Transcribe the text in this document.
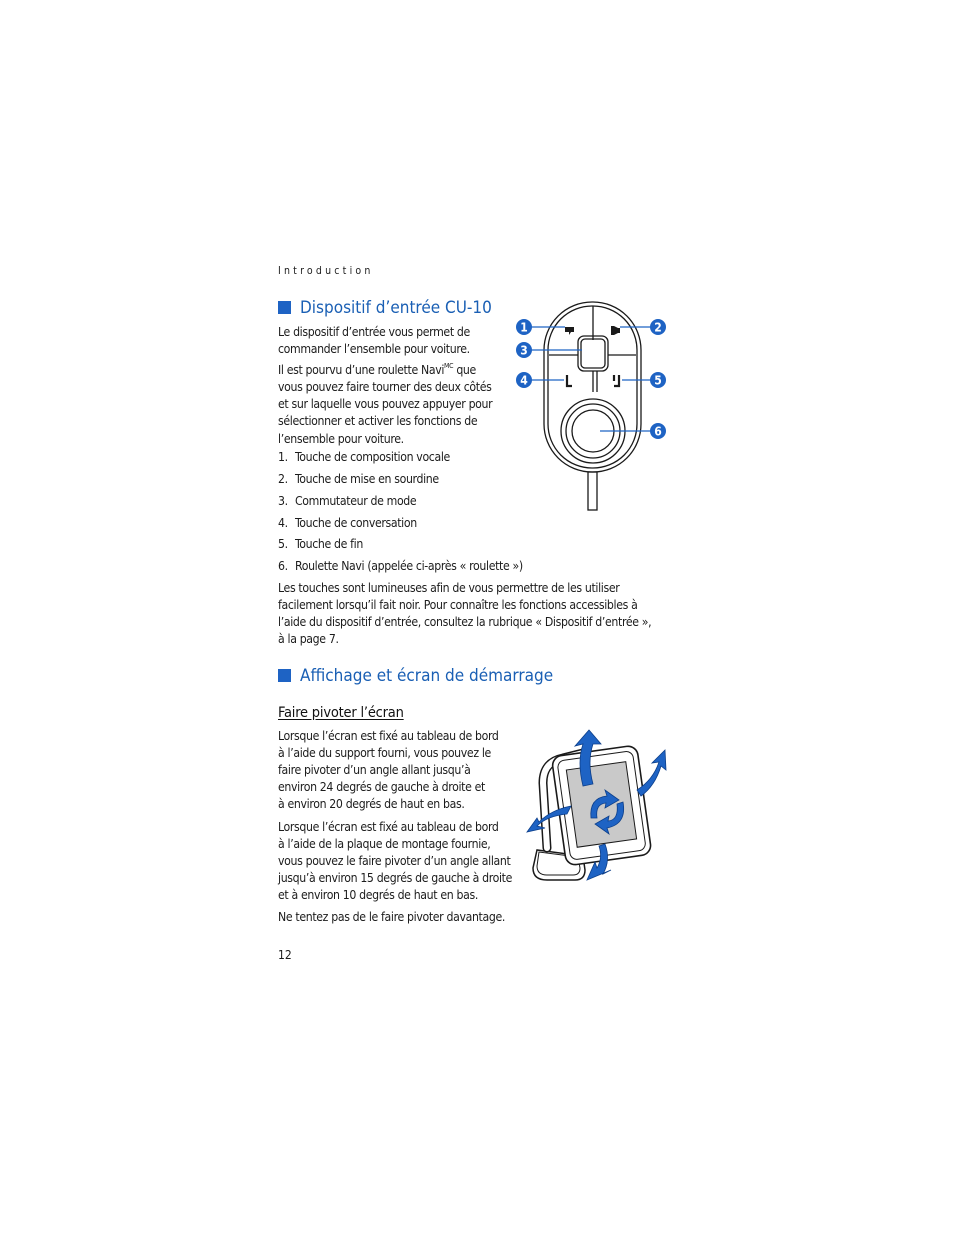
Introduction
Dispositif d’entrée CU-10
Le dispositif d’entrée vous permet de
commander l’ensemble pour voiture.
Il est pourvu d’une roulette Navi$^{MC}$ que
vous pouvez faire tourner des deux côtés
et sur laquelle vous pouvez appuyer pour
sélectionner et activer les fonctions de
l’ensemble pour voiture.
1. Touche de composition vocale
2. Touche de mise en sourdine
3. Commutateur de mode
4. Touche de conversation
5. Touche de fin
6. Roulette Navi (appelée ci-après « roulette »)
Les touches sont lumineuses afin de vous permettre de les utiliser
facilement lorsqu’il fait noir. Pour connaître les fonctions accessibles à
l’aide du dispositif d’entrée, consultez la rubrique « Dispositif d’entrée »,
à la page 7.
1	2
3
4	5
6
Affichage et écran de démarrage
Faire pivoter l’écran
Lorsque l’écran est fixé au tableau de bord
à l’aide du support fourni, vous pouvez le
faire pivoter d’un angle allant jusqu’à
environ 24 degrés de gauche à droite et
à environ 20 degrés de haut en bas.
Lorsque l’écran est fixé au tableau de bord
à l’aide de la plaque de montage fournie,
vous pouvez le faire pivoter d’un angle allant
jusqu’à environ 15 degrés de gauche à droite
et à environ 10 degrés de haut en bas.
Ne tentez pas de le faire pivoter davantage.
12
